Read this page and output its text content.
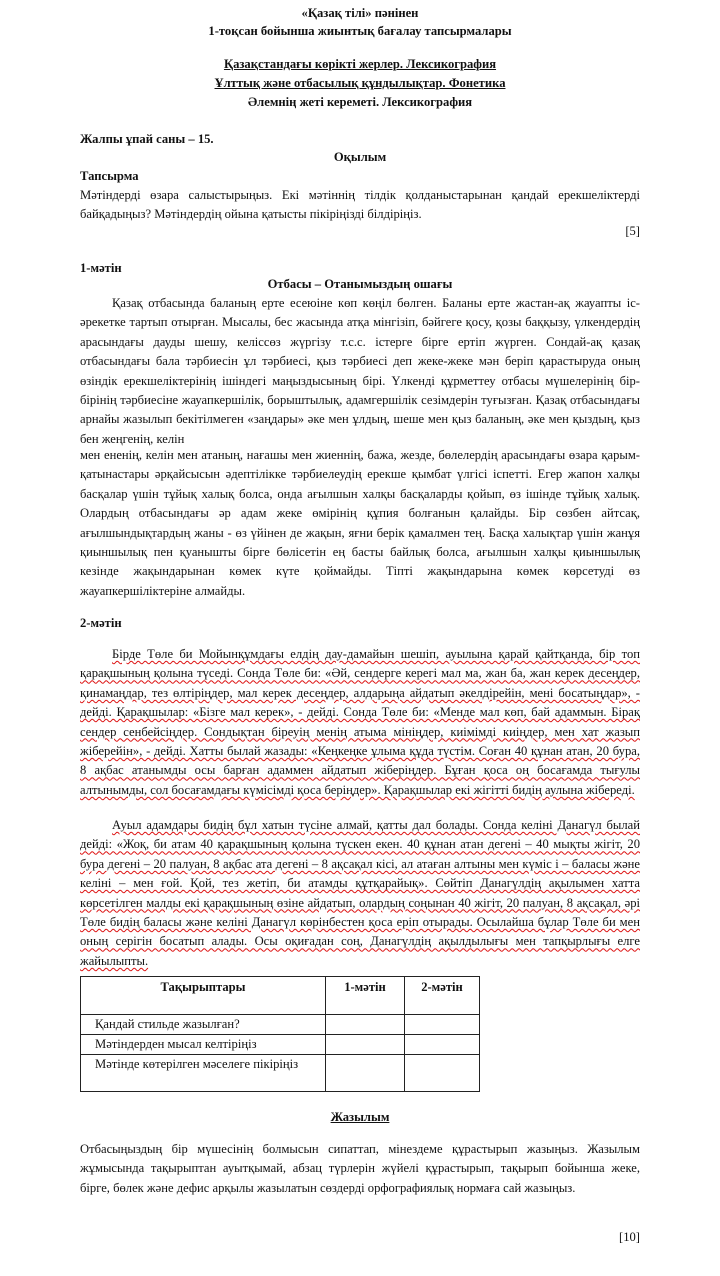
«Қазақ тілі» пәнінен
1-тоқсан бойынша жиынтық бағалау тапсырмалары
Қазақстандағы көрікті жерлер. Лексикография
Ұлттық және отбасылық құндылықтар. Фонетика
Әлемнің жеті кереметі. Лексикография
Жалпы ұпай саны – 15.
Оқылым
Тапсырма
Мәтіндерді өзара салыстырыңыз. Екі мәтіннің тілдік қолданыстарынан қандай ерекшеліктерді байқадыңыз? Мәтіндердің ойына қатысты пікіріңізді білдіріңіз.
[5]
1-мәтін
Отбасы – Отанымыздың ошағы
Қазақ отбасында баланың ерте есеюіне көп көңіл бөлген. Баланы ерте жастан-ақ жауапты іс-әрекетке тартып отырған. Мысалы, бес жасында атқа мінгізіп, бәйгеге қосу, қозы баққызу, үлкендердің арасындағы дауды шешу, келіссөз жүргізу т.с.с. істерге бірге ертіп жүрген. Сондай-ақ қазақ отбасындағы бала тәрбиесін ұл тәрбиесі, қыз тәрбиесі деп жеке-жеке мән беріп қарастыруда оның өзіндік ерекшеліктерінің ішіндегі маңыздысының бірі. Үлкенді құрметтеу отбасы мүшелерінің бір-бірінің тәрбиесіне жауапкершілік, борыштылық, адамгершілік сезімдерін туғызған. Қазақ отбасындағы арнайы жазылып бекітілмеген «заңдары» әке мен ұлдың, шеше мен қыз баланың, әке мен қыздың, қыз бен жеңгенің, келін
мен ененің, келін мен атаның, нағашы мен жиеннің, бажа, жезде, бөлелердің арасындағы өзара қарым-қатынастары әрқайсысын әдептілікке тәрбиелеудің ерекше қымбат үлгісі іспетті. Егер жапон халқы басқалар үшін тұйық халық болса, онда ағылшын халқы басқаларды қойып, өз ішінде тұйық халық. Олардың отбасындағы әр адам жеке өмірінің құпия болғанын қалайды. Бір сөзбен айтсақ, ағылшындықтардың жаны - өз үйінен де жақын, яғни берік қамалмен тең. Басқа халықтар үшін жанұя қиыншылық пен қуанышты бірге бөлісетін ең басты байлық болса, ағылшын халқы қиыншылық кезінде жақындарынан көмек күте қоймайды. Тіпті жақындарына көмек көрсетуді өз жауапкершіліктеріне алмайды.
2-мәтін
Бірде Төле би Мойынқұмдағы елдің дау-дамайын шешіп, ауылына қарай қайтқанда, бір топ қарақшының қолына түседі. Сонда Төле би: «Әй, сендерге керегі мал ма, жан ба, жан керек десеңдер, қинамаңдар, тез өлтіріңдер, мал керек десеңдер, алдарыңа айдатып әкелдірейін, мені босатыңдар», - дейді. Қарақшылар: «Бізге мал керек», - дейді. Сонда Төле би: «Менде мал көп, бай адаммын. Бірақ сендер сенбейсіңдер. Сондықтан біреуің менің атыма мініңдер, киімімді киіңдер, мен хат жазып жіберейін», - дейді. Хатты былай жазады: «Кеңкеңке ұлыма құда түстім. Соған 40 құнан атан, 20 бура, 8 ақбас атанымды осы барған адаммен айдатып жіберіңдер. Бұған қоса оң босағамда тығулы алтынымды, сол босағамдағы күмісімді қоса беріңдер». Қарақшылар екі жігітті бидің аулына жібереді.
Ауыл адамдары бидің бұл хатын түсіне алмай, қатты дал болады. Сонда келіні Данагүл былай дейді: «Жоқ, би атам 40 қарақшының қолына түскен екен. 40 құнан атан дегені – 40 мықты жігіт, 20 бура дегені – 20 палуан, 8 ақбас ата дегені – 8 ақсақал кісі, ал атаған алтыны мен күміс і – баласы және келіні – мен ғой. Қой, тез жетіп, би атамды құтқарайық». Сөйтіп Данагүлдің ақылымен хатта көрсетілген малды екі қарақшының өзіне айдатып, олардың соңынан 40 жігіт, 20 палуан, 8 ақсақал, әрі Төле бидің баласы және келіні Данагүл көрінбестен қоса еріп отырады. Осылайша бұлар Төле би мен оның серігін босатып алады. Осы оқиғадан соң, Данагүлдің ақылдылығы мен тапқырлығы елге жайылыпты.
Тақырыптары	1-мәтін	2-мәтін
Қандай стильде жазылған?		
Мәтіндерден мысал келтіріңіз		
Мәтінде көтерілген мәселеге пікіріңіз		
Жазылым
Отбасыңыздың бір мүшесінің болмысын сипаттап, мінездеме құрастырып жазыңыз. Жазылым жұмысында тақырыптан ауытқымай, абзац түрлерін жүйелі құрастырып, тақырып бойынша жеке, бірге, бөлек және дефис арқылы жазылатын сөздерді орфографиялық нормаға сай жазыңыз.
[10]
